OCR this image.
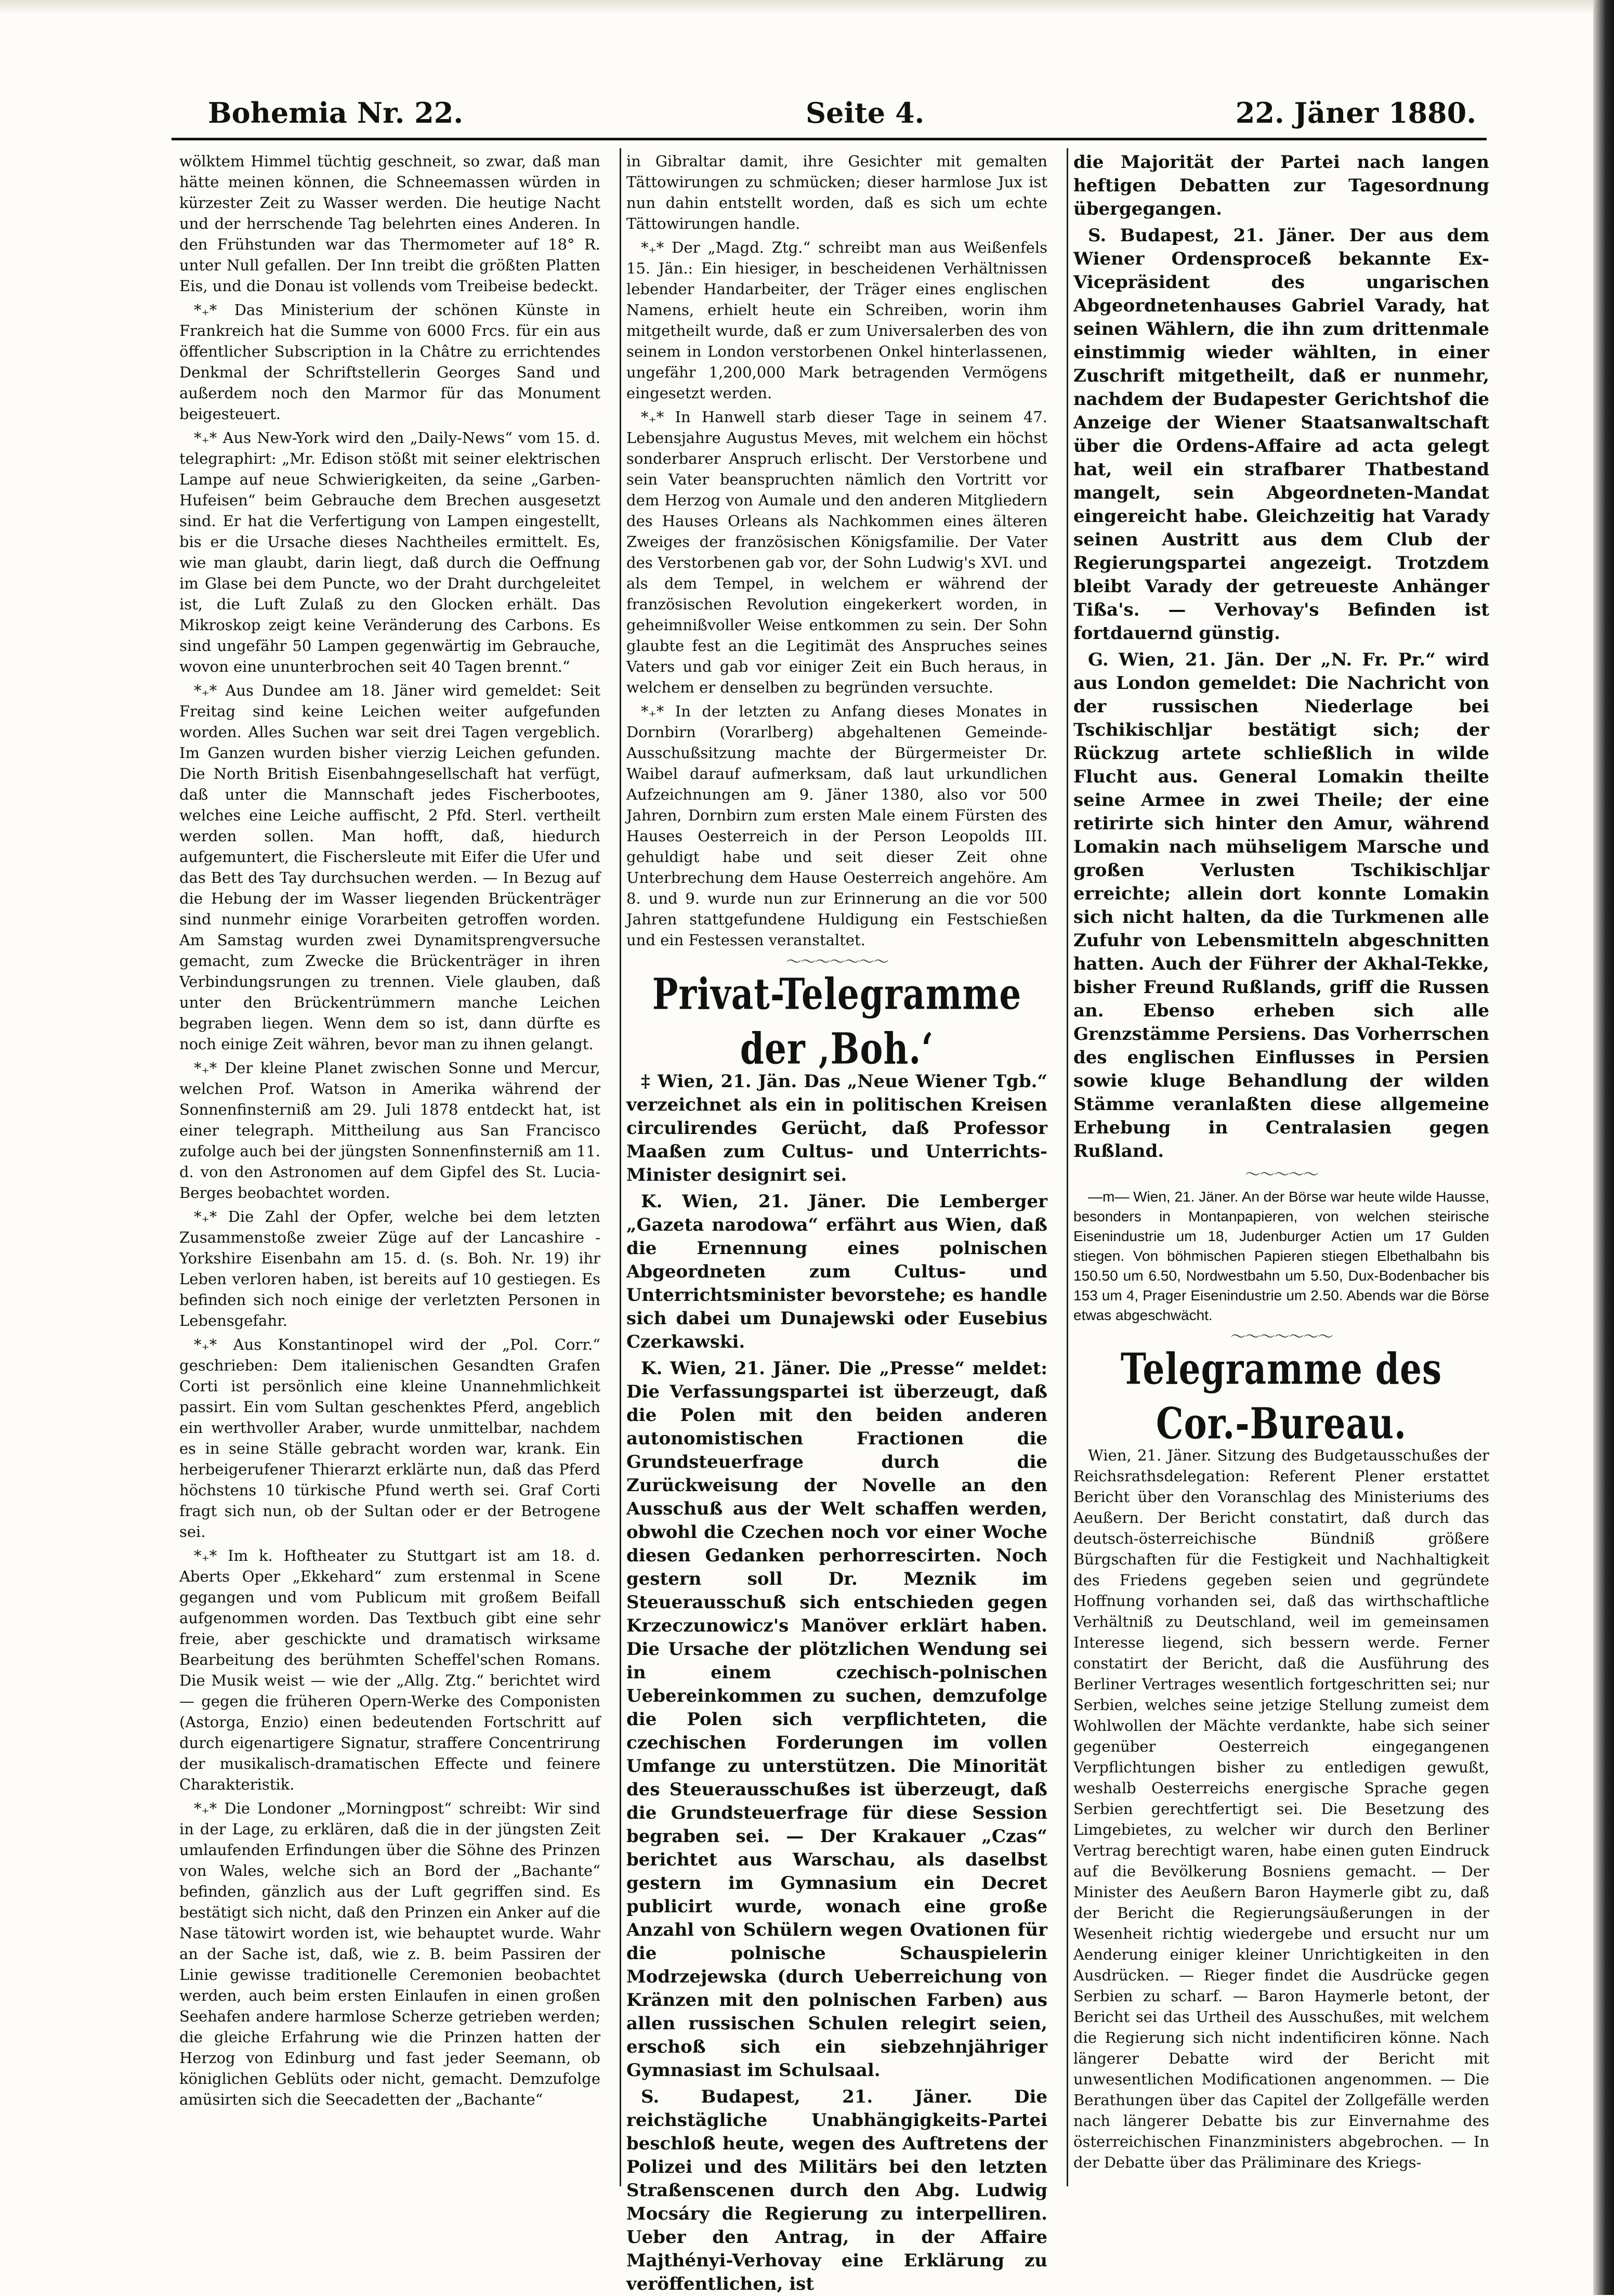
Bohemia Nr. 22.	Seite 4.	22. Jäner 1880.

wölktem Himmel tüchtig geschneit, so zwar, daß man hätte meinen können, die Schneemassen würden in kürzester Zeit zu Wasser werden. Die heutige Nacht und der herrschende Tag belehrten eines Anderen. In den Frühstunden war das Thermometer auf 18° R. unter Null gefallen. Der Inn treibt die größten Platten Eis, und die Donau ist vollends vom Treibeise bedeckt.

*₊* Das Ministerium der schönen Künste in Frankreich hat die Summe von 6000 Frcs. für ein aus öffentlicher Subscription in la Châtre zu errichtendes Denkmal der Schriftstellerin Georges Sand und außerdem noch den Marmor für das Monument beigesteuert.

*₊* Aus New-York wird den „Daily-News“ vom 15. d. telegraphirt: „Mr. Edison stößt mit seiner elektrischen Lampe auf neue Schwierigkeiten, da seine „Garben-Hufeisen“ beim Gebrauche dem Brechen ausgesetzt sind. Er hat die Verfertigung von Lampen eingestellt, bis er die Ursache dieses Nachtheiles ermittelt. Es, wie man glaubt, darin liegt, daß durch die Oeffnung im Glase bei dem Puncte, wo der Draht durchgeleitet ist, die Luft Zulaß zu den Glocken erhält. Das Mikroskop zeigt keine Veränderung des Carbons. Es sind ungefähr 50 Lampen gegenwärtig im Gebrauche, wovon eine ununterbrochen seit 40 Tagen brennt.“

*₊* Aus Dundee am 18. Jäner wird gemeldet: Seit Freitag sind keine Leichen weiter aufgefunden worden. Alles Suchen war seit drei Tagen vergeblich. Im Ganzen wurden bisher vierzig Leichen gefunden. Die North British Eisenbahngesellschaft hat verfügt, daß unter die Mannschaft jedes Fischerbootes, welches eine Leiche auffischt, 2 Pfd. Sterl. vertheilt werden sollen. Man hofft, daß, hiedurch aufgemuntert, die Fischersleute mit Eifer die Ufer und das Bett des Tay durchsuchen werden. — In Bezug auf die Hebung der im Wasser liegenden Brückenträger sind nunmehr einige Vorarbeiten getroffen worden. Am Samstag wurden zwei Dynamitsprengversuche gemacht, zum Zwecke die Brückenträger in ihren Verbindungsrungen zu trennen. Viele glauben, daß unter den Brückentrümmern manche Leichen begraben liegen. Wenn dem so ist, dann dürfte es noch einige Zeit währen, bevor man zu ihnen gelangt.

*₊* Der kleine Planet zwischen Sonne und Mercur, welchen Prof. Watson in Amerika während der Sonnenfinsterniß am 29. Juli 1878 entdeckt hat, ist einer telegraph. Mittheilung aus San Francisco zufolge auch bei der jüngsten Sonnenfinsterniß am 11. d. von den Astronomen auf dem Gipfel des St. Lucia-Berges beobachtet worden.

*₊* Die Zahl der Opfer, welche bei dem letzten Zusammenstoße zweier Züge auf der Lancashire - Yorkshire Eisenbahn am 15. d. (s. Boh. Nr. 19) ihr Leben verloren haben, ist bereits auf 10 gestiegen. Es befinden sich noch einige der verletzten Personen in Lebensgefahr.

*₊* Aus Konstantinopel wird der „Pol. Corr.“ geschrieben: Dem italienischen Gesandten Grafen Corti ist persönlich eine kleine Unannehmlichkeit passirt. Ein vom Sultan geschenktes Pferd, angeblich ein werthvoller Araber, wurde unmittelbar, nachdem es in seine Ställe gebracht worden war, krank. Ein herbeigerufener Thierarzt erklärte nun, daß das Pferd höchstens 10 türkische Pfund werth sei. Graf Corti fragt sich nun, ob der Sultan oder er der Betrogene sei.

*₊* Im k. Hoftheater zu Stuttgart ist am 18. d. Aberts Oper „Ekkehard“ zum erstenmal in Scene gegangen und vom Publicum mit großem Beifall aufgenommen worden. Das Textbuch gibt eine sehr freie, aber geschickte und dramatisch wirksame Bearbeitung des berühmten Scheffel'schen Romans. Die Musik weist — wie der „Allg. Ztg.“ berichtet wird — gegen die früheren Opern-Werke des Componisten (Astorga, Enzio) einen bedeutenden Fortschritt auf durch eigenartigere Signatur, straffere Concentrirung der musikalisch-dramatischen Effecte und feinere Charakteristik.

*₊* Die Londoner „Morningpost“ schreibt: Wir sind in der Lage, zu erklären, daß die in der jüngsten Zeit umlaufenden Erfindungen über die Söhne des Prinzen von Wales, welche sich an Bord der „Bachante“ befinden, gänzlich aus der Luft gegriffen sind. Es bestätigt sich nicht, daß den Prinzen ein Anker auf die Nase tätowirt worden ist, wie behauptet wurde. Wahr an der Sache ist, daß, wie z. B. beim Passiren der Linie gewisse traditionelle Ceremonien beobachtet werden, auch beim ersten Einlaufen in einen großen Seehafen andere harmlose Scherze getrieben werden; die gleiche Erfahrung wie die Prinzen hatten der Herzog von Edinburg und fast jeder Seemann, ob königlichen Geblüts oder nicht, gemacht. Demzufolge amüsirten sich die Seecadetten der „Bachante“

in Gibraltar damit, ihre Gesichter mit gemalten Tättowirungen zu schmücken; dieser harmlose Jux ist nun dahin entstellt worden, daß es sich um echte Tättowirungen handle.

*₊* Der „Magd. Ztg.“ schreibt man aus Weißenfels 15. Jän.: Ein hiesiger, in bescheidenen Verhältnissen lebender Handarbeiter, der Träger eines englischen Namens, erhielt heute ein Schreiben, worin ihm mitgetheilt wurde, daß er zum Universalerben des von seinem in London verstorbenen Onkel hinterlassenen, ungefähr 1,200,000 Mark betragenden Vermögens eingesetzt werden.

*₊* In Hanwell starb dieser Tage in seinem 47. Lebensjahre Augustus Meves, mit welchem ein höchst sonderbarer Anspruch erlischt. Der Verstorbene und sein Vater beanspruchten nämlich den Vortritt vor dem Herzog von Aumale und den anderen Mitgliedern des Hauses Orleans als Nachkommen eines älteren Zweiges der französischen Königsfamilie. Der Vater des Verstorbenen gab vor, der Sohn Ludwig's XVI. und als dem Tempel, in welchem er während der französischen Revolution eingekerkert worden, in geheimnißvoller Weise entkommen zu sein. Der Sohn glaubte fest an die Legitimät des Anspruches seines Vaters und gab vor einiger Zeit ein Buch heraus, in welchem er denselben zu begründen versuchte.

*₊* In der letzten zu Anfang dieses Monates in Dornbirn (Vorarlberg) abgehaltenen Gemeinde-Ausschußsitzung machte der Bürgermeister Dr. Waibel darauf aufmerksam, daß laut urkundlichen Aufzeichnungen am 9. Jäner 1380, also vor 500 Jahren, Dornbirn zum ersten Male einem Fürsten des Hauses Oesterreich in der Person Leopolds III. gehuldigt habe und seit dieser Zeit ohne Unterbrechung dem Hause Oesterreich angehöre. Am 8. und 9. wurde nun zur Erinnerung an die vor 500 Jahren stattgefundene Huldigung ein Festschießen und ein Festessen veranstaltet.

〜〜〜〜〜〜〜
Privat-Telegramme der ‚Boh.‘

‡ Wien, 21. Jän. Das „Neue Wiener Tgb.“ verzeichnet als ein in politischen Kreisen circulirendes Gerücht, daß Professor Maaßen zum Cultus- und Unterrichts-Minister designirt sei.

K. Wien, 21. Jäner. Die Lemberger „Gazeta narodowa“ erfährt aus Wien, daß die Ernennung eines polnischen Abgeordneten zum Cultus- und Unterrichtsminister bevorstehe; es handle sich dabei um Dunajewski oder Eusebius Czerkawski.

K. Wien, 21. Jäner. Die „Presse“ meldet: Die Verfassungspartei ist überzeugt, daß die Polen mit den beiden anderen autonomistischen Fractionen die Grundsteuerfrage durch die Zurückweisung der Novelle an den Ausschuß aus der Welt schaffen werden, obwohl die Czechen noch vor einer Woche diesen Gedanken perhorrescirten. Noch gestern soll Dr. Meznik im Steuerausschuß sich entschieden gegen Krzeczunowicz's Manöver erklärt haben. Die Ursache der plötzlichen Wendung sei in einem czechisch-polnischen Uebereinkommen zu suchen, demzufolge die Polen sich verpflichteten, die czechischen Forderungen im vollen Umfange zu unterstützen. Die Minorität des Steuerausschußes ist überzeugt, daß die Grundsteuerfrage für diese Session begraben sei. — Der Krakauer „Czas“ berichtet aus Warschau, als daselbst gestern im Gymnasium ein Decret publicirt wurde, wonach eine große Anzahl von Schülern wegen Ovationen für die polnische Schauspielerin Modrzejewska (durch Ueberreichung von Kränzen mit den polnischen Farben) aus allen russischen Schulen relegirt seien, erschoß sich ein siebzehnjähriger Gymnasiast im Schulsaal.

S. Budapest, 21. Jäner. Die reichstägliche Unabhängigkeits-Partei beschloß heute, wegen des Auftretens der Polizei und des Militärs bei den letzten Straßenscenen durch den Abg. Ludwig Mocsáry die Regierung zu interpelliren. Ueber den Antrag, in der Affaire Majthényi-Verhovay eine Erklärung zu veröffentlichen, ist

die Majorität der Partei nach langen heftigen Debatten zur Tagesordnung übergegangen.

S. Budapest, 21. Jäner. Der aus dem Wiener Ordensproceß bekannte Ex-Vicepräsident des ungarischen Abgeordnetenhauses Gabriel Varady, hat seinen Wählern, die ihn zum drittenmale einstimmig wieder wählten, in einer Zuschrift mitgetheilt, daß er nunmehr, nachdem der Budapester Gerichtshof die Anzeige der Wiener Staatsanwaltschaft über die Ordens-Affaire ad acta gelegt hat, weil ein strafbarer Thatbestand mangelt, sein Abgeordneten-Mandat eingereicht habe. Gleichzeitig hat Varady seinen Austritt aus dem Club der Regierungspartei angezeigt. Trotzdem bleibt Varady der getreueste Anhänger Tißa's. — Verhovay's Befinden ist fortdauernd günstig.

G. Wien, 21. Jän. Der „N. Fr. Pr.“ wird aus London gemeldet: Die Nachricht von der russischen Niederlage bei Tschikischljar bestätigt sich; der Rückzug artete schließlich in wilde Flucht aus. General Lomakin theilte seine Armee in zwei Theile; der eine retirirte sich hinter den Amur, während Lomakin nach mühseligem Marsche und großen Verlusten Tschikischljar erreichte; allein dort konnte Lomakin sich nicht halten, da die Turkmenen alle Zufuhr von Lebensmitteln abgeschnitten hatten. Auch der Führer der Akhal-Tekke, bisher Freund Rußlands, griff die Russen an. Ebenso erheben sich alle Grenzstämme Persiens. Das Vorherrschen des englischen Einflusses in Persien sowie kluge Behandlung der wilden Stämme veranlaßten diese allgemeine Erhebung in Centralasien gegen Rußland.

〜〜〜〜〜

—m— Wien, 21. Jäner. An der Börse war heute wilde Hausse, besonders in Montanpapieren, von welchen steirische Eisenindustrie um 18, Judenburger Actien um 17 Gulden stiegen. Von böhmischen Papieren stiegen Elbethalbahn bis 150.50 um 6.50, Nordwestbahn um 5.50, Dux-Bodenbacher bis 153 um 4, Prager Eisenindustrie um 2.50. Abends war die Börse etwas abgeschwächt.

〜〜〜〜〜〜〜
Telegramme des Cor.-Bureau.

Wien, 21. Jäner. Sitzung des Budgetausschußes der Reichsrathsdelegation: Referent Plener erstattet Bericht über den Voranschlag des Ministeriums des Aeußern. Der Bericht constatirt, daß durch das deutsch-österreichische Bündniß größere Bürgschaften für die Festigkeit und Nachhaltigkeit des Friedens gegeben seien und gegründete Hoffnung vorhanden sei, daß das wirthschaftliche Verhältniß zu Deutschland, weil im gemeinsamen Interesse liegend, sich bessern werde. Ferner constatirt der Bericht, daß die Ausführung des Berliner Vertrages wesentlich fortgeschritten sei; nur Serbien, welches seine jetzige Stellung zumeist dem Wohlwollen der Mächte verdankte, habe sich seiner gegenüber Oesterreich eingegangenen Verpflichtungen bisher zu entledigen gewußt, weshalb Oesterreichs energische Sprache gegen Serbien gerechtfertigt sei. Die Besetzung des Limgebietes, zu welcher wir durch den Berliner Vertrag berechtigt waren, habe einen guten Eindruck auf die Bevölkerung Bosniens gemacht. — Der Minister des Aeußern Baron Haymerle gibt zu, daß der Bericht die Regierungsäußerungen in der Wesenheit richtig wiedergebe und ersucht nur um Aenderung einiger kleiner Unrichtigkeiten in den Ausdrücken. — Rieger findet die Ausdrücke gegen Serbien zu scharf. — Baron Haymerle betont, der Bericht sei das Urtheil des Ausschußes, mit welchem die Regierung sich nicht indentificiren könne. Nach längerer Debatte wird der Bericht mit unwesentlichen Modificationen angenommen. — Die Berathungen über das Capitel der Zollgefälle werden nach längerer Debatte bis zur Einvernahme des österreichischen Finanzministers abgebrochen. — In der Debatte über das Präliminare des Kriegs-
